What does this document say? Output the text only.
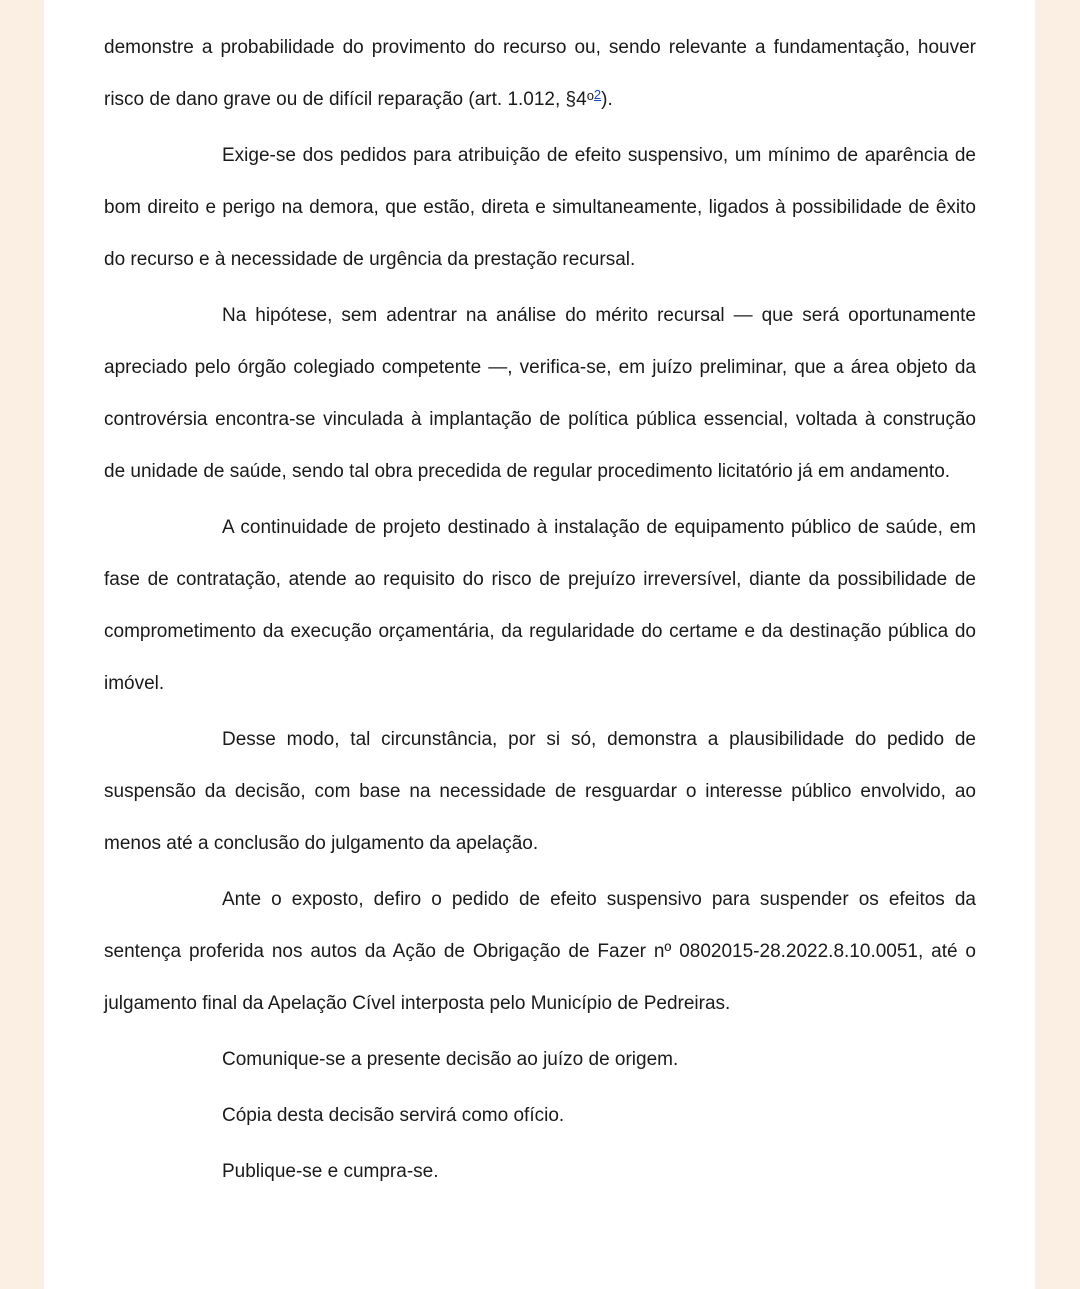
demonstre a probabilidade do provimento do recurso ou, sendo relevante a fundamentação, houver risco de dano grave ou de difícil reparação (art. 1.012, §4$^{o2}$).

Exige-se dos pedidos para atribuição de efeito suspensivo, um mínimo de aparência de bom direito e perigo na demora, que estão, direta e simultaneamente, ligados à possibilidade de êxito do recurso e à necessidade de urgência da prestação recursal.

Na hipótese, sem adentrar na análise do mérito recursal — que será oportunamente apreciado pelo órgão colegiado competente —, verifica-se, em juízo preliminar, que a área objeto da controvérsia encontra-se vinculada à implantação de política pública essencial, voltada à construção de unidade de saúde, sendo tal obra precedida de regular procedimento licitatório já em andamento.

A continuidade de projeto destinado à instalação de equipamento público de saúde, em fase de contratação, atende ao requisito do risco de prejuízo irreversível, diante da possibilidade de comprometimento da execução orçamentária, da regularidade do certame e da destinação pública do imóvel.

Desse modo, tal circunstância, por si só, demonstra a plausibilidade do pedido de suspensão da decisão, com base na necessidade de resguardar o interesse público envolvido, ao menos até a conclusão do julgamento da apelação.

Ante o exposto, defiro o pedido de efeito suspensivo para suspender os efeitos da sentença proferida nos autos da Ação de Obrigação de Fazer nº 0802015-28.2022.8.10.0051, até o julgamento final da Apelação Cível interposta pelo Município de Pedreiras.

Comunique-se a presente decisão ao juízo de origem.

Cópia desta decisão servirá como ofício.

Publique-se e cumpra-se.
